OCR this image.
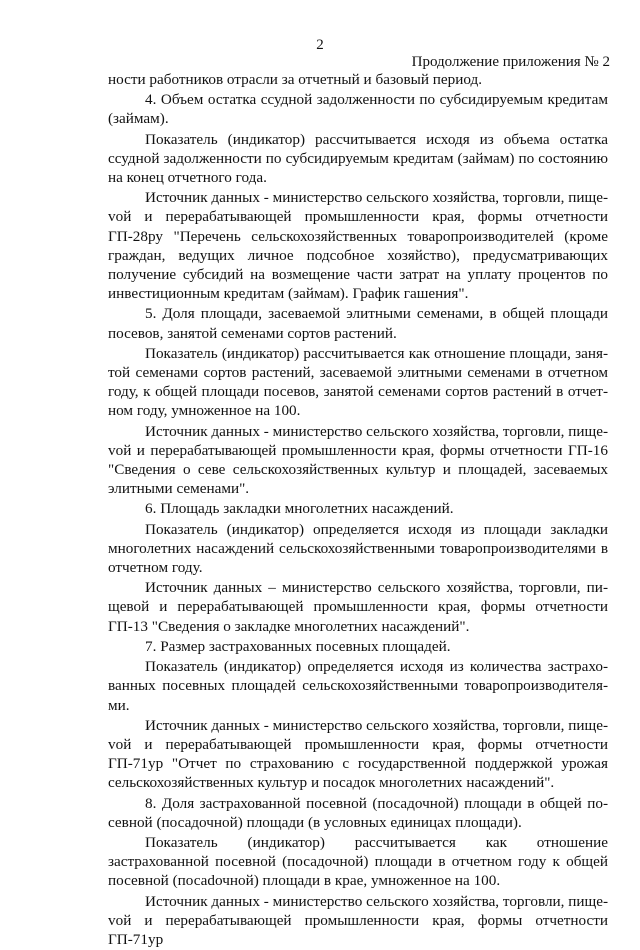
2
Продолжение приложения № 2

ности работников отрасли за отчетный и базовый период.

4. Объем остатка ссудной задолженности по субсидируемым кредитам (займам).

Показатель (индикатор) рассчитывается исходя из объема остатка ссудной задолженности по субсидируемым кредитам (займам) по состоянию на конец отчетного года.

Источник данных - министерство сельского хозяйства, торговли, пищеvой и перерабатывающей промышленности края, формы отчетности ГП-28ру "Перечень сельскохозяйственных товаропроизводителей (кроме граждан, ведущих личное подсобное хозяйство), предусматривающих получение субсидий на возмещение части затрат на уплату процентов по инвестиционным кредитам (займам). График гашения".

5. Доля площади, засеваемой элитными семенами, в общей площади посевов, занятой семенами сортов растений.

Показатель (индикатор) рассчитывается как отношение площади, занятой семенами сортов растений, засеваемой элитными семенами в отчетном году, к общей площади посевов, занятой семенами сортов растений в отчетном году, умноженное на 100.

Источник данных - министерство сельского хозяйства, торговли, пищеvой и перерабатывающей промышленности края, формы отчетности ГП-16 "Сведения о севе сельскохозяйственных культур и площадей, засеваемых элитными семенами".

6. Площадь закладки многолетних насаждений.

Показатель (индикатор) определяется исходя из площади закладки многолетних насаждений сельскохозяйственными товаропроизводителями в отчетном году.

Источник данных – министерство сельского хозяйства, торговли, пищевой и перерабатывающей промышленности края, формы отчетности ГП-13 "Сведения о закладке многолетних насаждений".

7. Размер застрахованных посевных площадей.

Показатель (индикатор) определяется исходя из количества застрахованных посевных площадей сельскохозяйственными товаропроизводителями.

Источник данных - министерство сельского хозяйства, торговли, пищеvой и перерабатывающей промышленности края, формы отчетности ГП-71ур "Отчет по страхованию с государственной поддержкой урожая сельскохозяйственных культур и посадок многолетних насаждений".

8. Доля застрахованной посевной (посадочной) площади в общей посевной (посадочной) площади (в условных единицах площади).

Показатель (индикатор) рассчитывается как отношение застрахованной посевной (посадочной) площади в отчетном году к общей посевной (посаdочной) площади в крае, умноженное на 100.

Источник данных - министерство сельского хозяйства, торговли, пищеvой и перерабатывающей промышленности края, формы отчетности ГП-71ур
